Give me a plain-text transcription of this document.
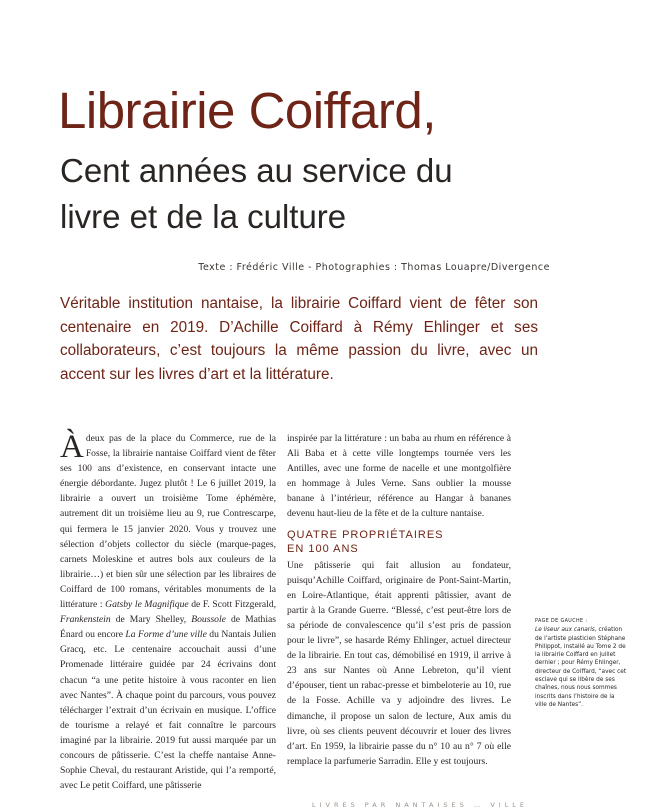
Librairie Coiffard,
Cent années au service du
livre et de la culture
Texte : Frédéric Ville - Photographies : Thomas Louapre/Divergence

Véritable institution nantaise, la librairie Coiffard vient de fêter son centenaire en 2019. D’Achille Coiffard à Rémy Ehlinger et ses collaborateurs, c’est toujours la même passion du livre, avec un accent sur les livres d’art et la littérature.

Àdeux pas de la place du Commerce, rue de la Fosse, la librairie nantaise Coiffard vient de fêter ses 100 ans d’existence, en conservant intacte une énergie débordante. Jugez plutôt ! Le 6 juillet 2019, la librairie a ouvert un troisième Tome éphémère, autrement dit un troisième lieu au 9, rue Contrescarpe, qui fermera le 15 janvier 2020. Vous y trouvez une sélection d’objets collector du siècle (marque-pages, carnets Moleskine et autres bols aux couleurs de la librairie…) et bien sûr une sélection par les libraires de Coiffard de 100 romans, véritables monuments de la littérature : Gatsby le Magnifique de F. Scott Fitzgerald, Frankenstein de Mary Shelley, Boussole de Mathias Énard ou encore La Forme d’une ville du Nantais Julien Gracq, etc. Le centenaire accouchait aussi d’une Promenade littéraire guidée par 24 écrivains dont chacun “a une petite histoire à vous raconter en lien avec Nantes”. À chaque point du parcours, vous pouvez télécharger l’extrait d’un écrivain en musique. L’office de tourisme a relayé et fait connaître le parcours imaginé par la librairie. 2019 fut aussi marquée par un concours de pâtisserie. C’est la cheffe nantaise Anne-Sophie Cheval, du restaurant Aristide, qui l’a remporté, avec Le petit Coiffard, une pâtisserie

inspirée par la littérature : un baba au rhum en référence à Ali Baba et à cette ville longtemps tournée vers les Antilles, avec une forme de nacelle et une montgolfière en hommage à Jules Verne. Sans oublier la mousse banane à l’intérieur, référence au Hangar à bananes devenu haut-lieu de la fête et de la culture nantaise.

QUATRE PROPRIÉTAIRES
EN 100 ANS

Une pâtisserie qui fait allusion au fondateur, puisqu’Achille Coiffard, originaire de Pont-Saint-Martin, en Loire-Atlantique, était apprenti pâtissier, avant de partir à la Grande Guerre. “Blessé, c’est peut-être lors de sa période de convalescence qu’il s’est pris de passion pour le livre”, se hasarde Rémy Ehlinger, actuel directeur de la librairie. En tout cas, démobilisé en 1919, il arrive à 23 ans sur Nantes où Anne Lebreton, qu’il vient d’épouser, tient un rabac-presse et bimbeloterie au 10, rue de la Fosse. Achille va y adjoindre des livres. Le dimanche, il propose un salon de lecture, Aux amis du livre, où ses clients peuvent découvrir et louer des livres d’art. En 1959, la librairie passe du n° 10 au n° 7 où elle remplace la parfumerie Sarradin. Elle y est toujours.

PAGE DE GAUCHE :
Le liseur aux canaris, création de l’artiste plasticien Stéphane Philippot, installé au Tome 2 de la librairie Coiffard en juillet dernier ; pour Rémy Ehlinger, directeur de Coiffard, “avec cet esclave qui se libère de ses chaînes, nous nous sommes inscrits dans l’histoire de la ville de Nantes”.
LIVRES PAR NANTAISES … VILLE
